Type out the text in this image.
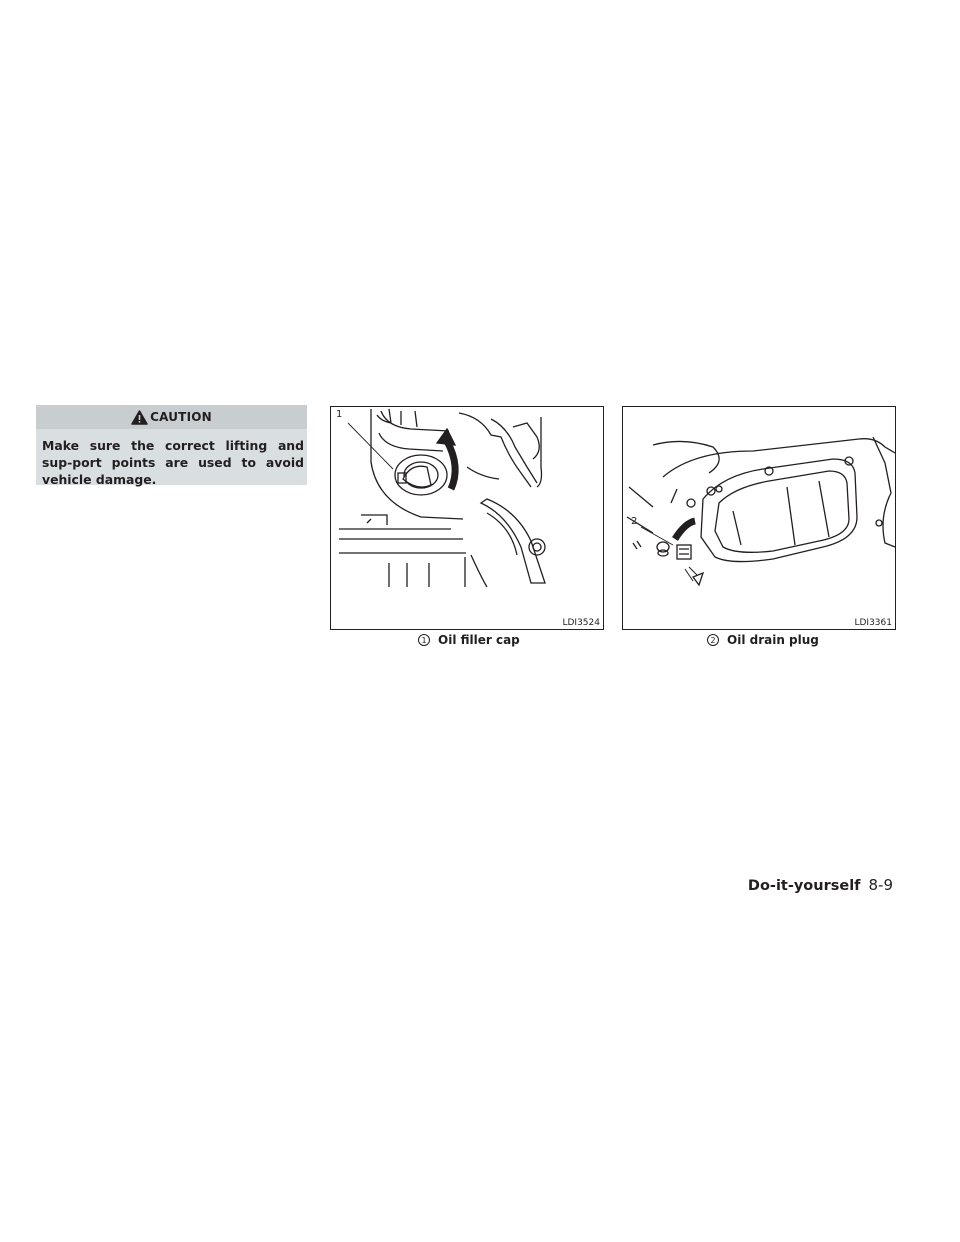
CAUTION
Make sure the correct lifting and sup-port points are used to avoid vehicle damage.
1
LDI3524
1 Oil filler cap
2
LDI3361
2 Oil drain plug
Do-it-yourself 8-9
